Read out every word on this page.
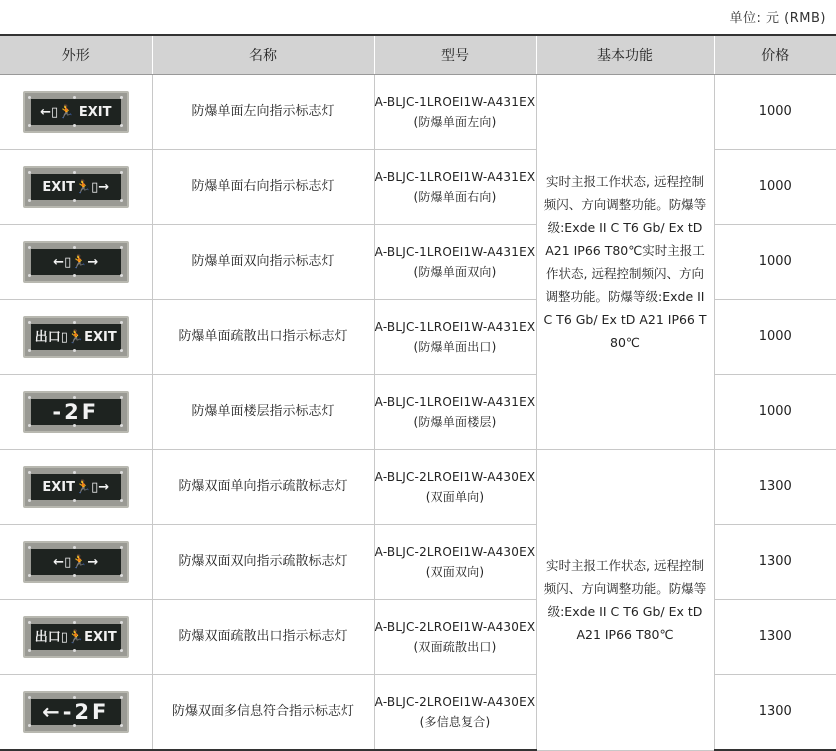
单位: 元 (RMB)
外形	名称	型号	基本功能	价格

←▯🏃 EXIT	防爆单面左向指示标志灯	A-BLJC-1LROEI1W-A431EX
(防爆单面左向)	实时主报工作状态, 远程控制频闪、方向调整功能。防爆等级:Exde II C T6 Gb/ Ex tD A21 IP66 T80℃实时主报工作状态, 远程控制频闪、方向调整功能。防爆等级:Exde II C T6 Gb/ Ex tD A21 IP66 T80℃	1000

EXIT🏃▯→	防爆单面右向指示标志灯	A-BLJC-1LROEI1W-A431EX
(防爆单面右向)		1000

←▯🏃→	防爆单面双向指示标志灯	A-BLJC-1LROEI1W-A431EX
(防爆单面双向)		1000

出口▯🏃EXIT	防爆单面疏散出口指示标志灯	A-BLJC-1LROEI1W-A431EX
(防爆单面出口)		1000

-2F	防爆单面楼层指示标志灯	A-BLJC-1LROEI1W-A431EX
(防爆单面楼层)		1000

EXIT🏃▯→	防爆双面单向指示疏散标志灯	A-BLJC-2LROEI1W-A430EX
(双面单向)	实时主报工作状态, 远程控制频闪、方向调整功能。防爆等级:Exde II C T6 Gb/ Ex tD A21 IP66 T80℃	1300

←▯🏃→	防爆双面双向指示疏散标志灯	A-BLJC-2LROEI1W-A430EX
(双面双向)		1300

出口▯🏃EXIT	防爆双面疏散出口指示标志灯	A-BLJC-2LROEI1W-A430EX
(双面疏散出口)		1300

←-2F	防爆双面多信息符合指示标志灯	A-BLJC-2LROEI1W-A430EX
(多信息复合)		1300
